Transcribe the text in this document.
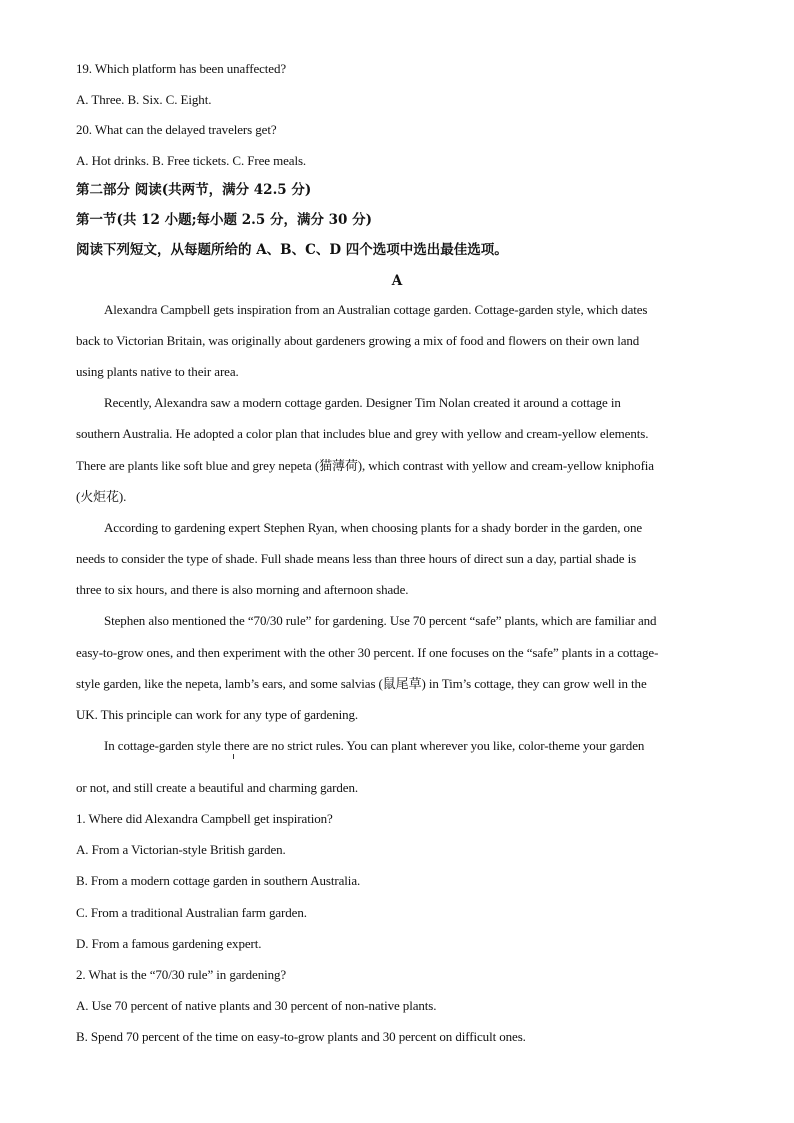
19. Which platform has been unaffected?
A. Three. B. Six. C. Eight.
20. What can the delayed travelers get?
A. Hot drinks. B. Free tickets. C. Free meals.
第二部分 阅读(共两节，满分 42.5 分)
第一节(共 12 小题;每小题 2.5 分，满分 30 分)
阅读下列短文，从每题所给的 A、B、C、D 四个选项中选出最佳选项。
A
Alexandra Campbell gets inspiration from an Australian cottage garden. Cottage-garden style, which dates
back to Victorian Britain, was originally about gardeners growing a mix of food and flowers on their own land
using plants native to their area.
Recently, Alexandra saw a modern cottage garden. Designer Tim Nolan created it around a cottage in
southern Australia. He adopted a color plan that includes blue and grey with yellow and cream-yellow elements.
There are plants like soft blue and grey nepeta (猫薄荷), which contrast with yellow and cream-yellow kniphofia
(火炬花).
According to gardening expert Stephen Ryan, when choosing plants for a shady border in the garden, one
needs to consider the type of shade. Full shade means less than three hours of direct sun a day, partial shade is
three to six hours, and there is also morning and afternoon shade.
Stephen also mentioned the “70/30 rule” for gardening. Use 70 percent “safe” plants, which are familiar and
easy-to-grow ones, and then experiment with the other 30 percent. If one focuses on the “safe” plants in a cottage-
style garden, like the nepeta, lamb’s ears, and some salvias (鼠尾草) in Tim’s cottage, they can grow well in the
UK. This principle can work for any type of gardening.
In cottage-garden style there are no strict rules. You can plant wherever you like, color-theme your garden
or not, and still create a beautiful and charming garden.
1. Where did Alexandra Campbell get inspiration?
A. From a Victorian-style British garden.
B. From a modern cottage garden in southern Australia.
C. From a traditional Australian farm garden.
D. From a famous gardening expert.
2. What is the “70/30 rule” in gardening?
A. Use 70 percent of native plants and 30 percent of non-native plants.
B. Spend 70 percent of the time on easy-to-grow plants and 30 percent on difficult ones.
